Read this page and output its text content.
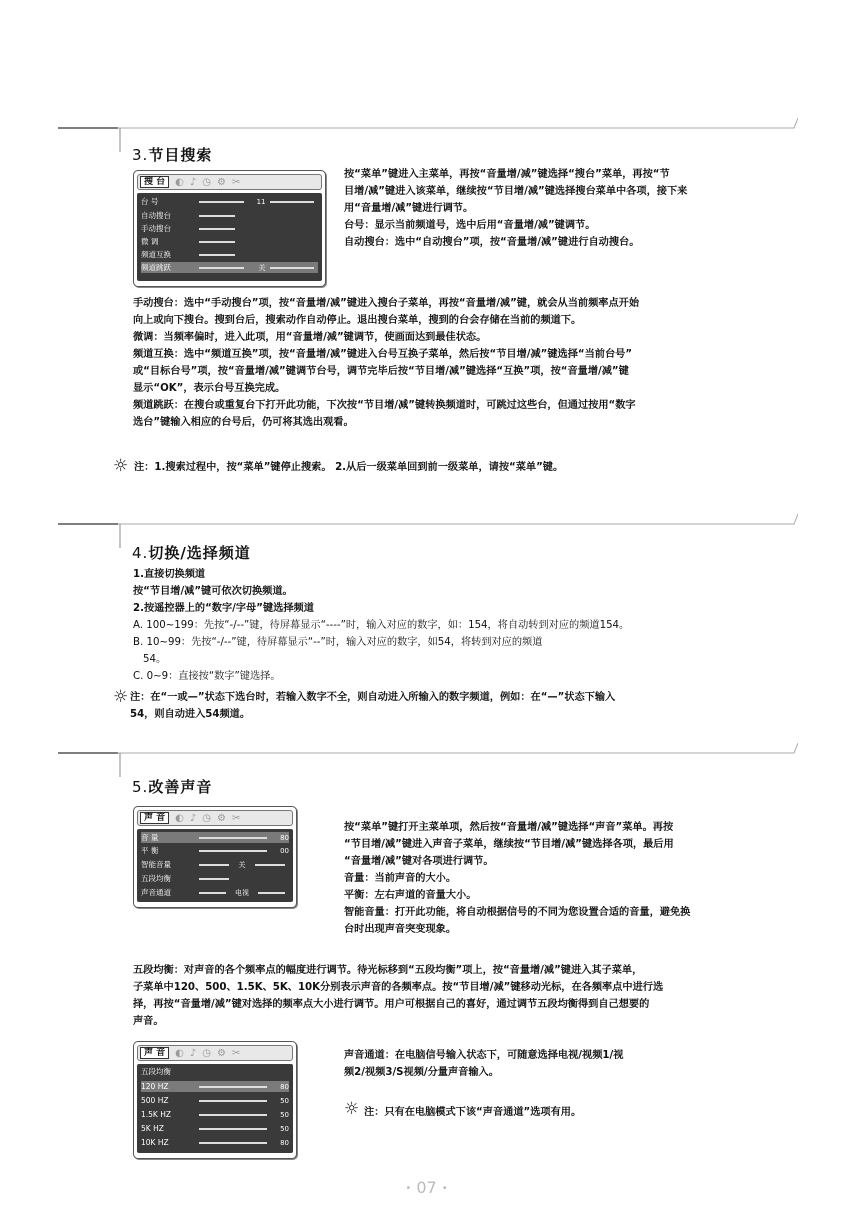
3.节目搜索
搜 台	◐ ♪ ◷ ⚙ ✂
台 号	11
自动搜台
手动搜台
微 调
频道互换
频道跳跃	关
按“菜单”键进入主菜单，再按“音量增/减”键选择“搜台”菜单，再按“节
目增/减”键进入该菜单，继续按“节目增/减”键选择搜台菜单中各项，接下来
用“音量增/减”键进行调节。
台号：显示当前频道号，选中后用“音量增/减”键调节。
自动搜台：选中“自动搜台”项，按“音量增/减”键进行自动搜台。
手动搜台：选中“手动搜台”项，按“音量增/减”键进入搜台子菜单，再按“音量增/减”键，就会从当前频率点开始
向上或向下搜台。搜到台后，搜索动作自动停止。退出搜台菜单，搜到的台会存储在当前的频道下。
微调：当频率偏时，进入此项，用“音量增/减”键调节，使画面达到最佳状态。
频道互换：选中“频道互换”项，按“音量增/减”键进入台号互换子菜单，然后按“节目增/减”键选择“当前台号”
或“目标台号”项，按“音量增/减”键调节台号，调节完毕后按“节目增/减”键选择“互换”项，按“音量增/减”键
显示“OK”，表示台号互换完成。
频道跳跃：在搜台或重复台下打开此功能，下次按“节目增/减”键转换频道时，可跳过这些台，但通过按用“数字
选台”键输入相应的台号后，仍可将其选出观看。
☼ 注：1.搜索过程中，按“菜单”键停止搜索。 2.从后一级菜单回到前一级菜单，请按“菜单”键。
4.切换/选择频道
1.直接切换频道
按“节目增/减”键可依次切换频道。
2.按遥控器上的“数字/字母”键选择频道
A. 100~199：先按“-/--”键，待屏幕显示“----”时，输入对应的数字，如：154，将自动转到对应的频道154。
B. 10~99：先按“-/--”键，待屏幕显示“--”时，输入对应的数字，如54，将转到对应的频道
54。
C. 0~9：直接按“数字”键选择。
☼ 注：在“一或—”状态下选台时，若输入数字不全，则自动进入所输入的数字频道，例如：在“—”状态下输入
54，则自动进入54频道。
5.改善声音
声 音	◐ ♪ ◷ ⚙ ✂
音 量	80
平 衡	00
智能音量	关
五段均衡
声音通道	电视
按“菜单”键打开主菜单项，然后按“音量增/减”键选择“声音”菜单。再按
“节目增/减”键进入声音子菜单，继续按“节目增/减”键选择各项，最后用
“音量增/减”键对各项进行调节。
音量：当前声音的大小。
平衡：左右声道的音量大小。
智能音量：打开此功能，将自动根据信号的不同为您设置合适的音量，避免换
台时出现声音突变现象。
五段均衡：对声音的各个频率点的幅度进行调节。待光标移到“五段均衡”项上，按“音量增/减”键进入其子菜单，
子菜单中120、500、1.5K、5K、10K分别表示声音的各频率点。按“节目增/减”键移动光标，在各频率点中进行选
择，再按“音量增/减”键对选择的频率点大小进行调节。用户可根据自己的喜好，通过调节五段均衡得到自己想要的
声音。
声 音	◐ ♪ ◷ ⚙ ✂
五段均衡
120 HZ	80
500 HZ	50
1.5K HZ	50
5K HZ	50
10K HZ	80
声音通道：在电脑信号输入状态下，可随意选择电视/视频1/视
频2/视频3/S视频/分量声音输入。
☼ 注：只有在电脑模式下该“声音通道”选项有用。
• 07 •
